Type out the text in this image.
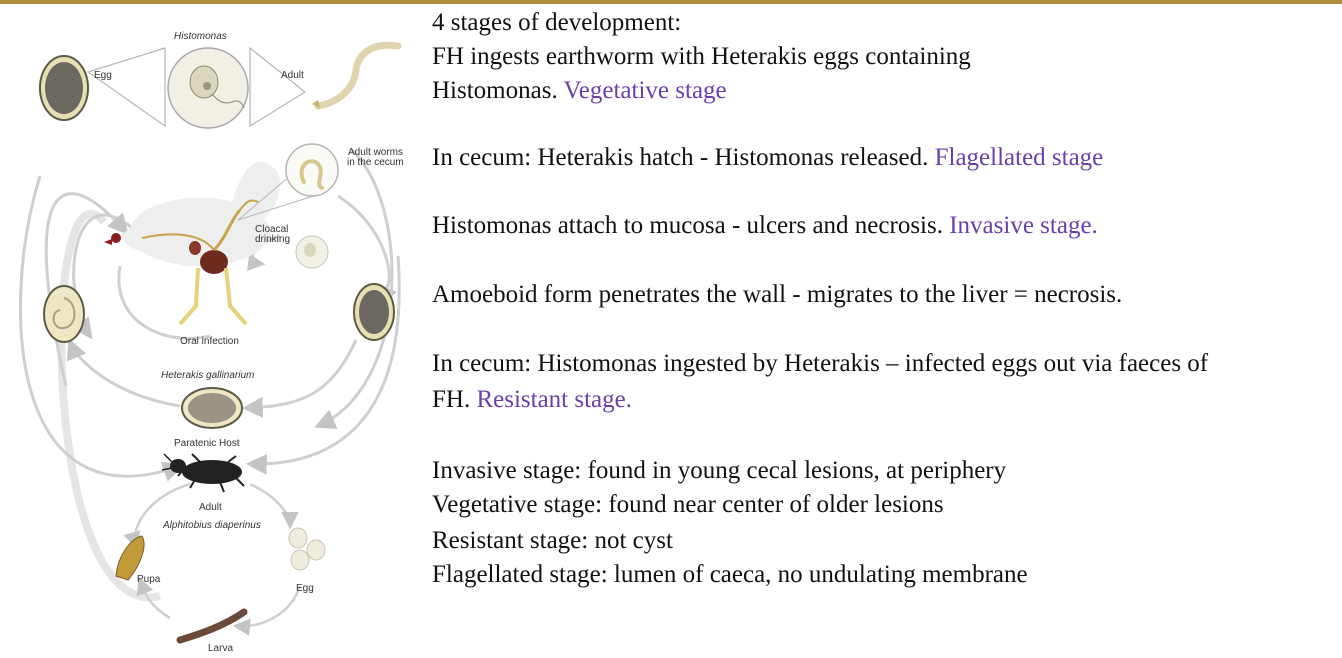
Histomonas
Egg	Adult
Adult worms
in the cecum
Cloacal
drinking
Oral infection
Heterakis gallinarium
Paratenic Host
Adult
Alphitobius diaperinus
Pupa
Egg
Larva
4 stages of development:
FH ingests earthworm with Heterakis eggs containing
Histomonas. Vegetative stage
In cecum: Heterakis hatch - Histomonas released. Flagellated stage
Histomonas attach to mucosa - ulcers and necrosis. Invasive stage.
Amoeboid form penetrates the wall - migrates to the liver = necrosis.
In cecum: Histomonas ingested by Heterakis – infected eggs out via faeces of
FH. Resistant stage.
Invasive stage: found in young cecal lesions, at periphery
Vegetative stage: found near center of older lesions
Resistant stage: not cyst
Flagellated stage: lumen of caeca, no undulating membrane
